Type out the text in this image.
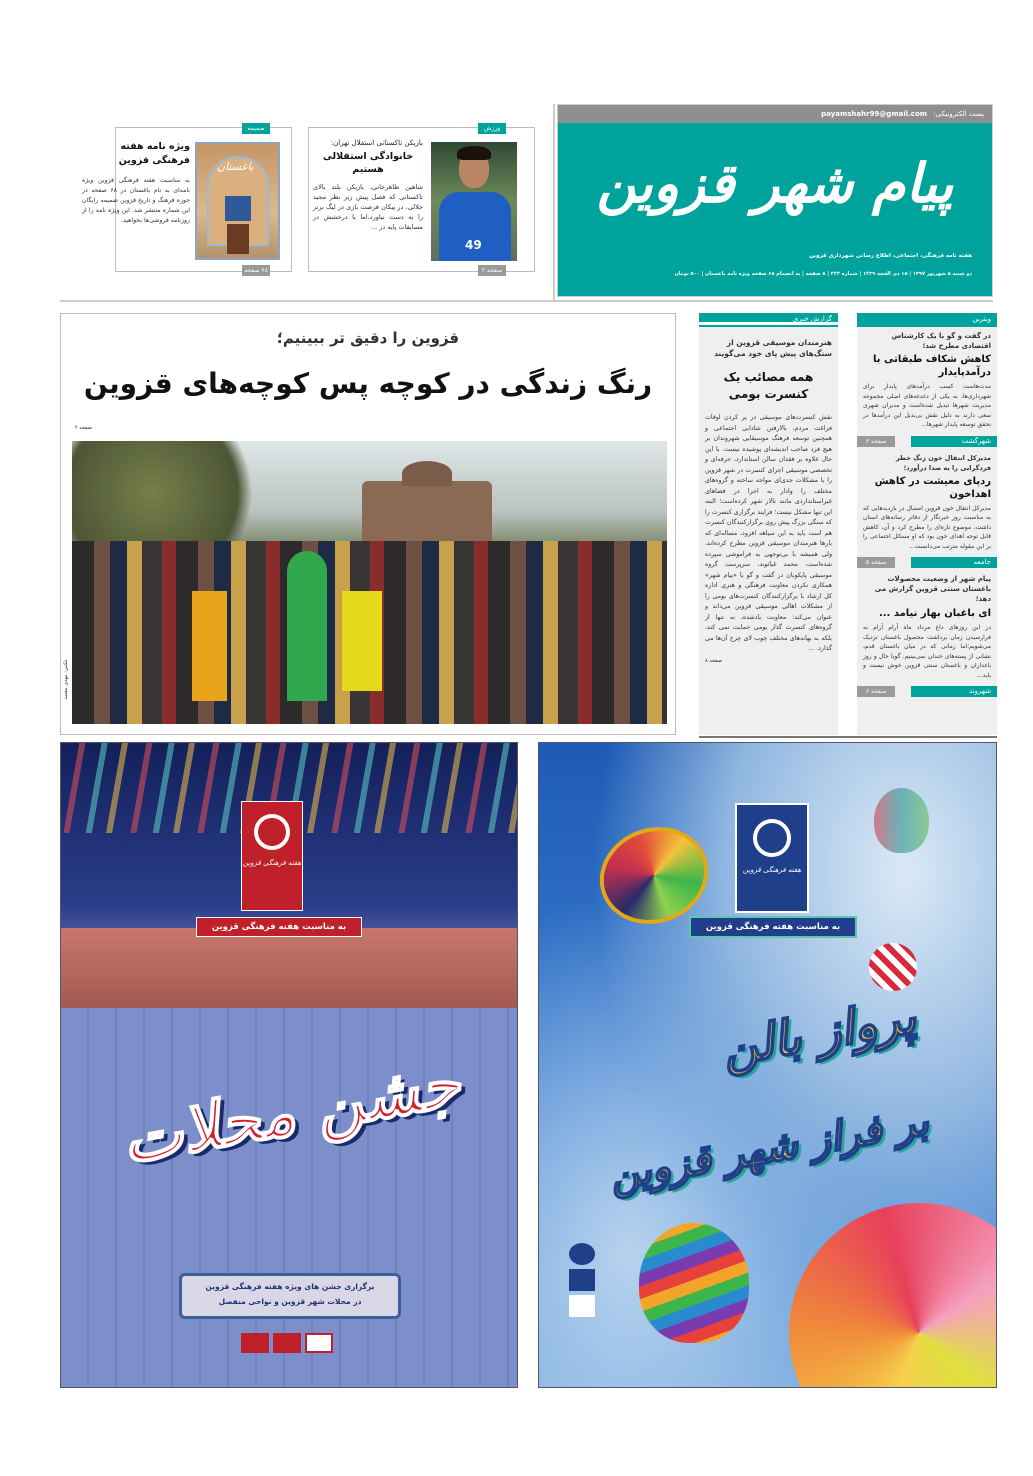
پست الکترونیکی: payamshahr99@gmail.com
پیام شهر قزوین
هفته نامه فرهنگی، اجتماعی، اطلاع رسانی شهرداری قزوین
دو شنبه ۵ شهریور ۱۳۹۷ | ۱۵ ذی الحجه ۱۴۳۹ | شماره ۳۲۲ | ۸ صفحه | به انضمام ۶۸ صفحه ویژه نامه باغستان | ۵۰۰ تومان
ورزش
49
بازیکن تاکستانی استقلال تهران:
خانوادگی استقلالی هستیم
شاهین طاهرخانی، بازیکن بلند بالای تاکستانی که فصل پیش زیر نظر مجید جلالی، در پیکان فرصت بازی در لیگ برتر را به دست نیاورد،اما با درخشش در مسابقات پایه در ...
صفحه ۲
ضمیمه
باغستان
ویژه نامه هفته فرهنگی قزوین
به مناسبت هفته فرهنگی قزوین ویژه نامه‌ای به نام باغستان در ۶۸ صفحه در حوزه فرهنگ و تاریخ قزوین ضمیمه رایگان این شماره منتشر شد. این ویژه نامه را از روزنامه فروشی‌ها بخواهید.
۶۸ صفحه
قزوین را دقیق تر ببینیم؛
رنگ زندگی در کوچه پس کوچه‌های قزوین
صفحه ۲
عکس: مهدی معتمد
گزارش خبری
هنرمندان موسیقی قزوین از سنگ‌های پیش پای خود می‌گویند
همه مصائب یک کنسرت بومی
نقش کنسرت‌های موسیقی در پر کردن اوقات فراغت مردم، بالارفتن شادابی اجتماعی و همچنین توسعه فرهنگ موسیقایی شهروندان بر هیچ فرد صاحب اندیشه‌ای پوشیده نیست. با این حال علاوه بر فقدان سالن استاندارد، حرفه‌ای و تخصصی موسیقی اجرای کنسرت در شهر قزوین را با مشکلات جدی‌ای مواجه ساخته و گروه‌های مختلف را وادار به اجرا در فضاهای غیراستانداردی مانند تالار شهر کرده‌است؛ البته این تنها مشکل نیست؛ فرایند برگزاری کنسرت را که سنگی بزرگ پیش روی برگزارکنندگان کنسرت هم است باید به این سیاهه افزود، مساله‌ای که بارها هنرمندان موسیقی قزوین مطرح کرده‌اند، ولی همیشه با بی‌توجهی به فراموشی سپرده شده‌است. محمد غیاثوند، سرپرست گروه موسیقی پایکوبان در گفت و گو با «پیام شهر» همکاری نکردن معاونت فرهنگی و هنری اداره کل ارشاد با برگزارکنندگان کنسرت‌های بومی را از مشکلات اهالی موسیقی قزوین می‌داند و عنوان می‌کند: معاونت یادشده، نه تنها از گروه‌های کنسرت گذار بومی حمایت نمی کند، بلکه به بهانه‌های مختلف چوب لای چرخ آن‌ها می گذارد. ...
صفحه ۸
ویترین
در گفت و گو با یک کارشناس اقتصادی مطرح شد؛
کاهش شکاف طبقاتی با درآمدپایدار
مدت‌هاست کسب درآمدهای پایدار برای شهرداری‌ها، به یکی از دغدغه‌های اصلی مجموعه مدیریت شهرها تبدیل شده‌است و مدیران شهری سعی دارند به دلیل نقش بی‌بدیل این درآمدها در تحقق توسعه پایدار شهرها...
شهرگشت
صفحه ۳
مدیرکل انتقال خون زنگ خطر فردگرایی را به صدا درآورد؛
ردپای معیشت در کاهش اهداخون
مدیرکل انتقال خون قزوین امسال در بازدیدهایی که به مناسبت روز خبرنگار از دفاتر رسانه‌های استان داشت، موضوع تازه‌ای را مطرح کرد و آن، کاهش قابل توجه اهدای خون بود که او مسائل اجتماعی را بر این مقوله مترتب می‌دانست...
جامعه
صفحه ۵
پیام شهر از وضعیت محصولات باغستان سنتی قزوین گزارش می دهد؛
ای باغبان بهار نیامد ...
در این روزهای داغ مرداد ماه آرام آرام به فرارسیدن زمان برداشت محصول باغستان نزدیک می‌شویم؛اما زمانی که در میان باغستان قدم، نشانی از پسته‌های خندان نمی‌بینیم. گویا حال و روز باغداران و باغستان سنتی قزوین خوش نیست و باید...
شهروند
صفحه ۶
هفته فرهنگی قزوین
به مناسبت هفته فرهنگی قزوین
جشن محلات
برگزاری جشن های ویژه هفته فرهنگی قزوین
در محلات شهر قزوین و نواحی منفصل
هفته فرهنگی قزوین
به مناسبت هفته فرهنگی قزوین
پرواز بالن
بر فراز شهر قزوین
